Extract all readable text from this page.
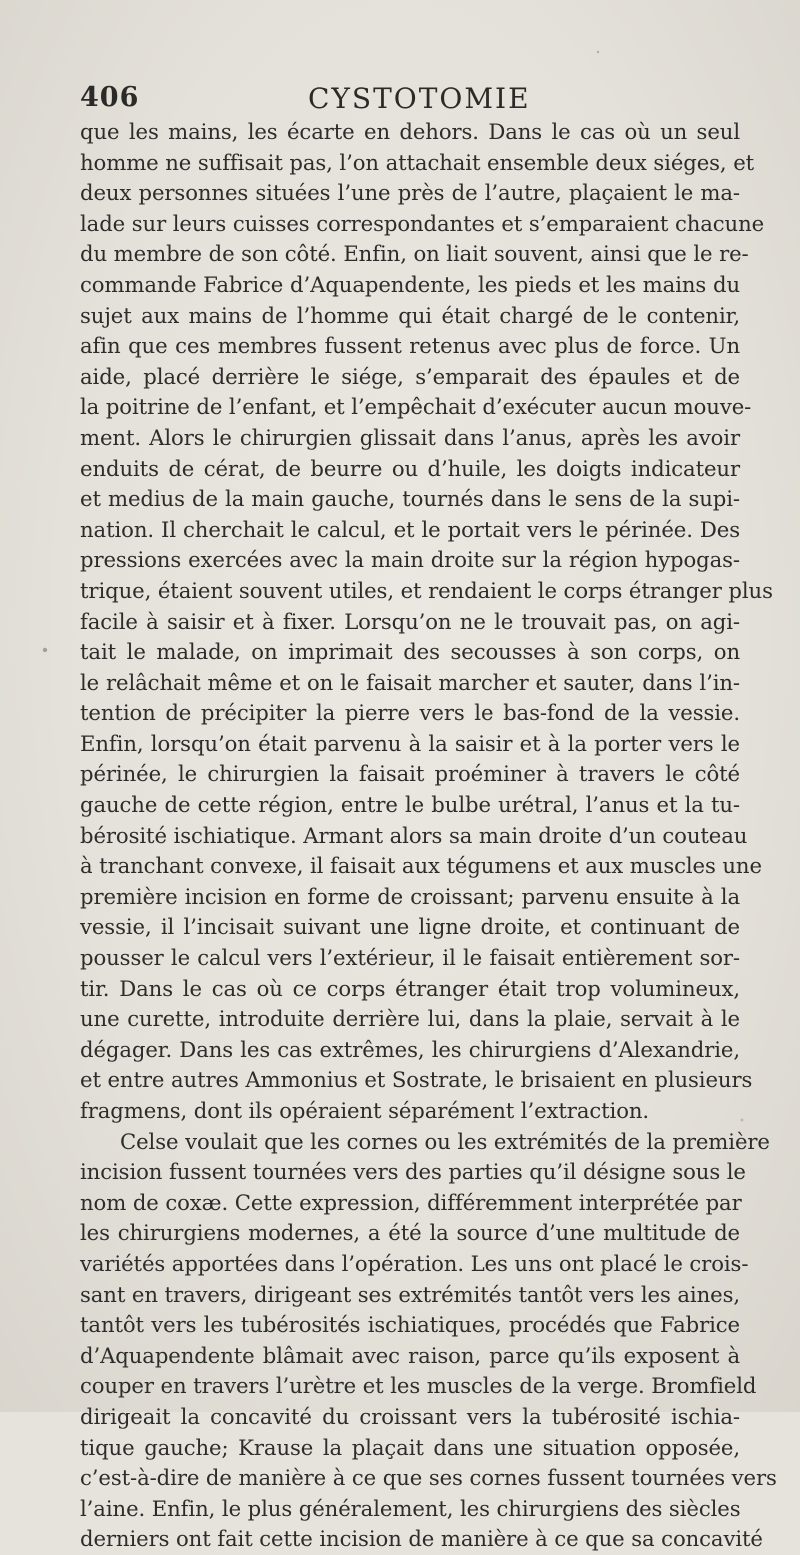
406	CYSTOTOMIE
que les mains, les écarte en dehors. Dans le cas où un seul
homme ne suffisait pas, l’on attachait ensemble deux siéges, et
deux personnes situées l’une près de l’autre, plaçaient le ma-
lade sur leurs cuisses correspondantes et s’emparaient chacune
du membre de son côté. Enfin, on liait souvent, ainsi que le re-
commande Fabrice d’Aquapendente, les pieds et les mains du
sujet aux mains de l’homme qui était chargé de le contenir,
afin que ces membres fussent retenus avec plus de force. Un
aide, placé derrière le siége, s’emparait des épaules et de
la poitrine de l’enfant, et l’empêchait d’exécuter aucun mouve-
ment. Alors le chirurgien glissait dans l’anus, après les avoir
enduits de cérat, de beurre ou d’huile, les doigts indicateur
et medius de la main gauche, tournés dans le sens de la supi-
nation. Il cherchait le calcul, et le portait vers le périnée. Des
pressions exercées avec la main droite sur la région hypogas-
trique, étaient souvent utiles, et rendaient le corps étranger plus
facile à saisir et à fixer. Lorsqu’on ne le trouvait pas, on agi-
tait le malade, on imprimait des secousses à son corps, on
le relâchait même et on le faisait marcher et sauter, dans l’in-
tention de précipiter la pierre vers le bas-fond de la vessie.
Enfin, lorsqu’on était parvenu à la saisir et à la porter vers le
périnée, le chirurgien la faisait proéminer à travers le côté
gauche de cette région, entre le bulbe urétral, l’anus et la tu-
bérosité ischiatique. Armant alors sa main droite d’un couteau
à tranchant convexe, il faisait aux tégumens et aux muscles une
première incision en forme de croissant; parvenu ensuite à la
vessie, il l’incisait suivant une ligne droite, et continuant de
pousser le calcul vers l’extérieur, il le faisait entièrement sor-
tir. Dans le cas où ce corps étranger était trop volumineux,
une curette, introduite derrière lui, dans la plaie, servait à le
dégager. Dans les cas extrêmes, les chirurgiens d’Alexandrie,
et entre autres Ammonius et Sostrate, le brisaient en plusieurs
fragmens, dont ils opéraient séparément l’extraction.
Celse voulait que les cornes ou les extrémités de la première
incision fussent tournées vers des parties qu’il désigne sous le
nom de coxæ. Cette expression, différemment interprétée par
les chirurgiens modernes, a été la source d’une multitude de
variétés apportées dans l’opération. Les uns ont placé le crois-
sant en travers, dirigeant ses extrémités tantôt vers les aines,
tantôt vers les tubérosités ischiatiques, procédés que Fabrice
d’Aquapendente blâmait avec raison, parce qu’ils exposent à
couper en travers l’urètre et les muscles de la verge. Bromfield
dirigeait la concavité du croissant vers la tubérosité ischia-
tique gauche; Krause la plaçait dans une situation opposée,
c’est-à-dire de manière à ce que ses cornes fussent tournées vers
l’aine. Enfin, le plus généralement, les chirurgiens des siècles
derniers ont fait cette incision de manière à ce que sa concavité
